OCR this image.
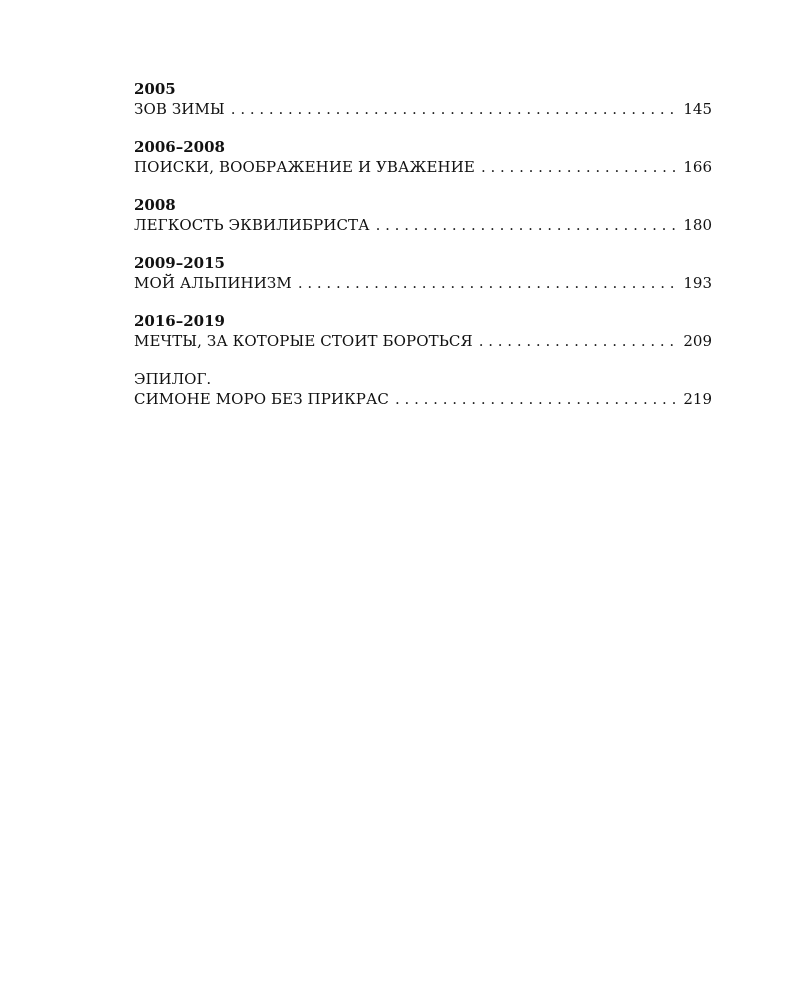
2005
ЗОВ ЗИМЫ . . .	145
2006–2008
ПОИСКИ, ВООБРАЖЕНИЕ И УВАЖЕНИЕ . . .	166
2008
ЛЕГКОСТЬ ЭКВИЛИБРИСТА . . .	180
2009–2015
МОЙ АЛЬПИНИЗМ . . .	193
2016–2019
МЕЧТЫ, ЗА КОТОРЫЕ СТОИТ БОРОТЬСЯ . . .	209
ЭПИЛОГ.
СИМОНЕ МОРО БЕЗ ПРИКРАС . . .	219
